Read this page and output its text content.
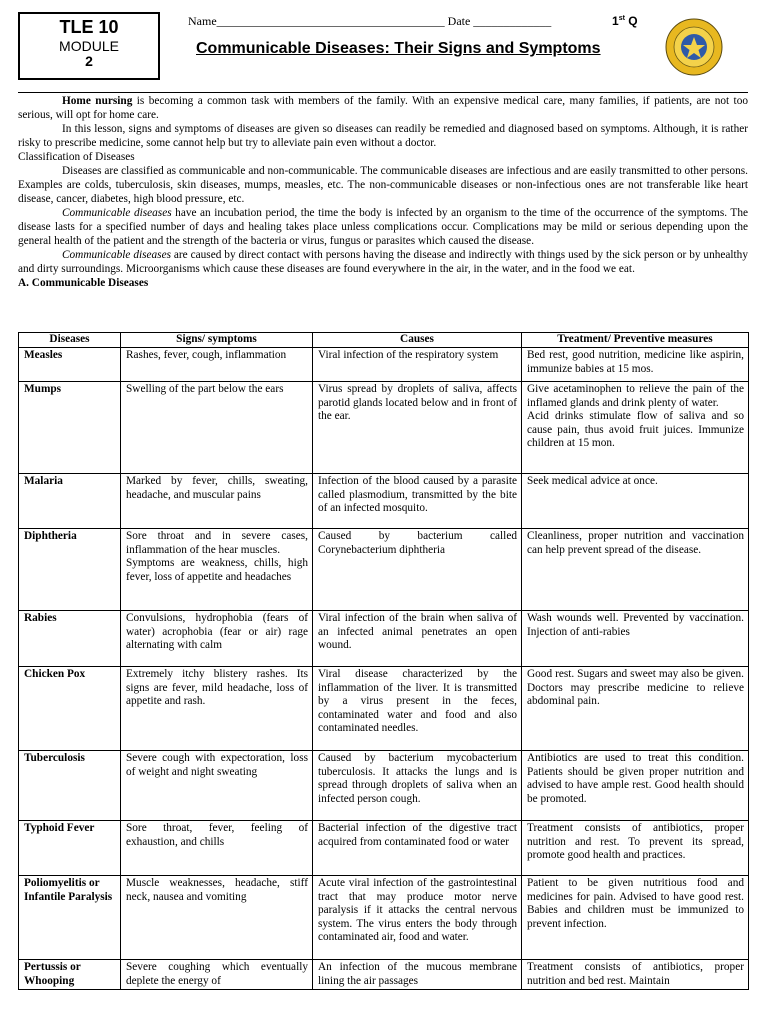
TLE 10
MODULE
2
Name______________________________________ Date _____________	1st Q
Communicable Diseases: Their Signs and Symptoms

Home nursing is becoming a common task with members of the family. With an expensive medical care, many families, if patients, are not too serious, will opt for home care.

In this lesson, signs and symptoms of diseases are given so diseases can readily be remedied and diagnosed based on symptoms. Although, it is rather risky to prescribe medicine, some cannot help but try to alleviate pain even without a doctor.

Classification of Diseases

Diseases are classified as communicable and non-communicable. The communicable diseases are infectious and are easily transmitted to other persons. Examples are colds, tuberculosis, skin diseases, mumps, measles, etc. The non-communicable diseases or non-infectious ones are not transferable like heart disease, cancer, diabetes, high blood pressure, etc.

Communicable diseases have an incubation period, the time the body is infected by an organism to the time of the occurrence of the symptoms. The disease lasts for a specified number of days and healing takes place unless complications occur. Complications may be mild or serious depending upon the general health of the patient and the strength of the bacteria or virus, fungus or parasites which caused the disease.

Communicable diseases are caused by direct contact with persons having the disease and indirectly with things used by the sick person or by unhealthy and dirty surroundings. Microorganisms which cause these diseases are found everywhere in the air, in the water, and in the food we eat.

A. Communicable Diseases

Diseases	Signs/ symptoms	Causes	Treatment/ Preventive measures
Measles	Rashes, fever, cough, inflammation	Viral infection of the respiratory system	Bed rest, good nutrition, medicine like aspirin, immunize babies at 15 mos.
Mumps	Swelling of the part below the ears	Virus spread by droplets of saliva, affects parotid glands located below and in front of the ear.	Give acetaminophen to relieve the pain of the inflamed glands and drink plenty of water.
Acid drinks stimulate flow of saliva and so cause pain, thus avoid fruit juices. Immunize children at 15 mon.
Malaria	Marked by fever, chills, sweating, headache, and muscular pains	Infection of the blood caused by a parasite called plasmodium, transmitted by the bite of an infected mosquito.	Seek medical advice at once.
Diphtheria	Sore throat and in severe cases, inflammation of the hear muscles.
Symptoms are weakness, chills, high fever, loss of appetite and headaches	Caused by bacterium called Corynebacterium diphtheria	Cleanliness, proper nutrition and vaccination can help prevent spread of the disease.
Rabies	Convulsions, hydrophobia (fears of water) acrophobia (fear or air) rage alternating with calm	Viral infection of the brain when saliva of an infected animal penetrates an open wound.	Wash wounds well. Prevented by vaccination. Injection of anti-rabies
Chicken Pox	Extremely itchy blistery rashes. Its signs are fever, mild headache, loss of appetite and rash.	Viral disease characterized by the inflammation of the liver. It is transmitted by a virus present in the feces, contaminated water and food and also contaminated needles.	Good rest. Sugars and sweet may also be given. Doctors may prescribe medicine to relieve abdominal pain.
Tuberculosis	Severe cough with expectoration, loss of weight and night sweating	Caused by bacterium mycobacterium tuberculosis. It attacks the lungs and is spread through droplets of saliva when an infected person cough.	Antibiotics are used to treat this condition. Patients should be given proper nutrition and advised to have ample rest. Good health should be promoted.
Typhoid Fever	Sore throat, fever, feeling of exhaustion, and chills	Bacterial infection of the digestive tract acquired from contaminated food or water	Treatment consists of antibiotics, proper nutrition and rest. To prevent its spread, promote good health and practices.
Poliomyelitis or Infantile Paralysis	Muscle weaknesses, headache, stiff neck, nausea and vomiting	Acute viral infection of the gastrointestinal tract that may produce motor nerve paralysis if it attacks the central nervous system. The virus enters the body through contaminated air, food and water.	Patient to be given nutritious food and medicines for pain. Advised to have good rest. Babies and children must be immunized to prevent infection.
Pertussis or Whooping	Severe coughing which eventually deplete the energy of	An infection of the mucous membrane lining the air passages	Treatment consists of antibiotics, proper nutrition and bed rest. Maintain
